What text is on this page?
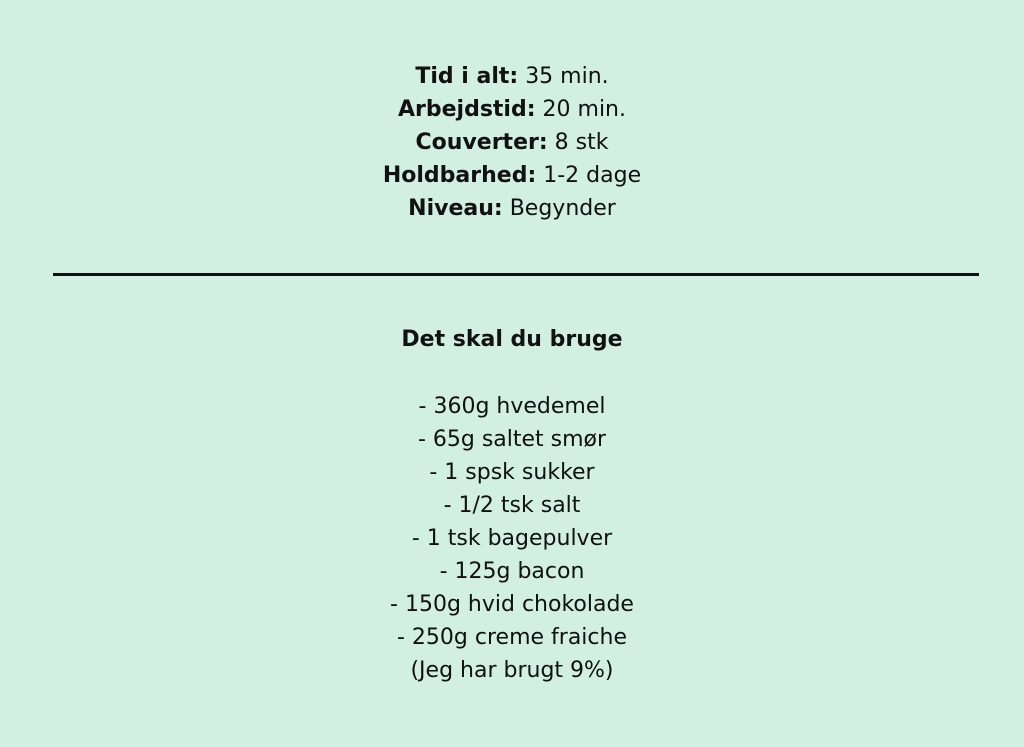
Tid i alt: 35 min.
Arbejdstid: 20 min.
Couverter: 8 stk
Holdbarhed: 1-2 dage
Niveau: Begynder
Det skal du bruge
- 360g hvedemel
- 65g saltet smør
- 1 spsk sukker
- 1/2 tsk salt
- 1 tsk bagepulver
- 125g bacon
- 150g hvid chokolade
- 250g creme fraiche
(Jeg har brugt 9%)
